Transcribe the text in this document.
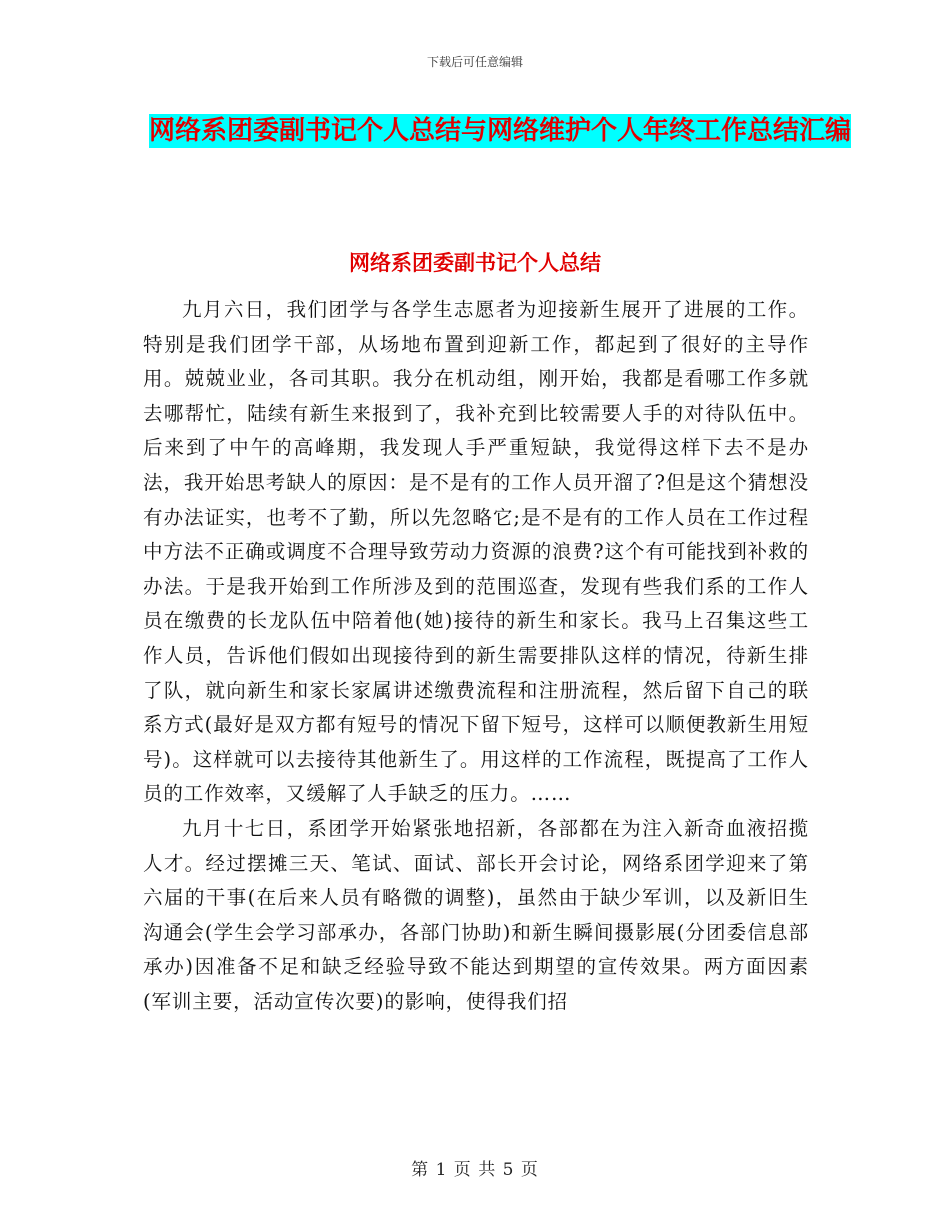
下载后可任意编辑
网络系团委副书记个人总结与网络维护个人年终工作总结汇编
网络系团委副书记个人总结

九月六日，我们团学与各学生志愿者为迎接新生展开了进展的工作。特别是我们团学干部，从场地布置到迎新工作，都起到了很好的主导作用。兢兢业业，各司其职。我分在机动组，刚开始，我都是看哪工作多就去哪帮忙，陆续有新生来报到了，我补充到比较需要人手的对待队伍中。后来到了中午的高峰期，我发现人手严重短缺，我觉得这样下去不是办法，我开始思考缺人的原因：是不是有的工作人员开溜了?但是这个猜想没有办法证实，也考不了勤，所以先忽略它;是不是有的工作人员在工作过程中方法不正确或调度不合理导致劳动力资源的浪费?这个有可能找到补救的办法。于是我开始到工作所涉及到的范围巡查，发现有些我们系的工作人员在缴费的长龙队伍中陪着他(她)接待的新生和家长。我马上召集这些工作人员，告诉他们假如出现接待到的新生需要排队这样的情况，待新生排了队，就向新生和家长家属讲述缴费流程和注册流程，然后留下自己的联系方式(最好是双方都有短号的情况下留下短号，这样可以顺便教新生用短号)。这样就可以去接待其他新生了。用这样的工作流程，既提高了工作人员的工作效率，又缓解了人手缺乏的压力。……

九月十七日，系团学开始紧张地招新，各部都在为注入新奇血液招揽人才。经过摆摊三天、笔试、面试、部长开会讨论，网络系团学迎来了第六届的干事(在后来人员有略微的调整)，虽然由于缺少军训，以及新旧生沟通会(学生会学习部承办，各部门协助)和新生瞬间摄影展(分团委信息部承办)因准备不足和缺乏经验导致不能达到期望的宣传效果。两方面因素(军训主要，活动宣传次要)的影响，使得我们招

第 1 页 共 5 页
